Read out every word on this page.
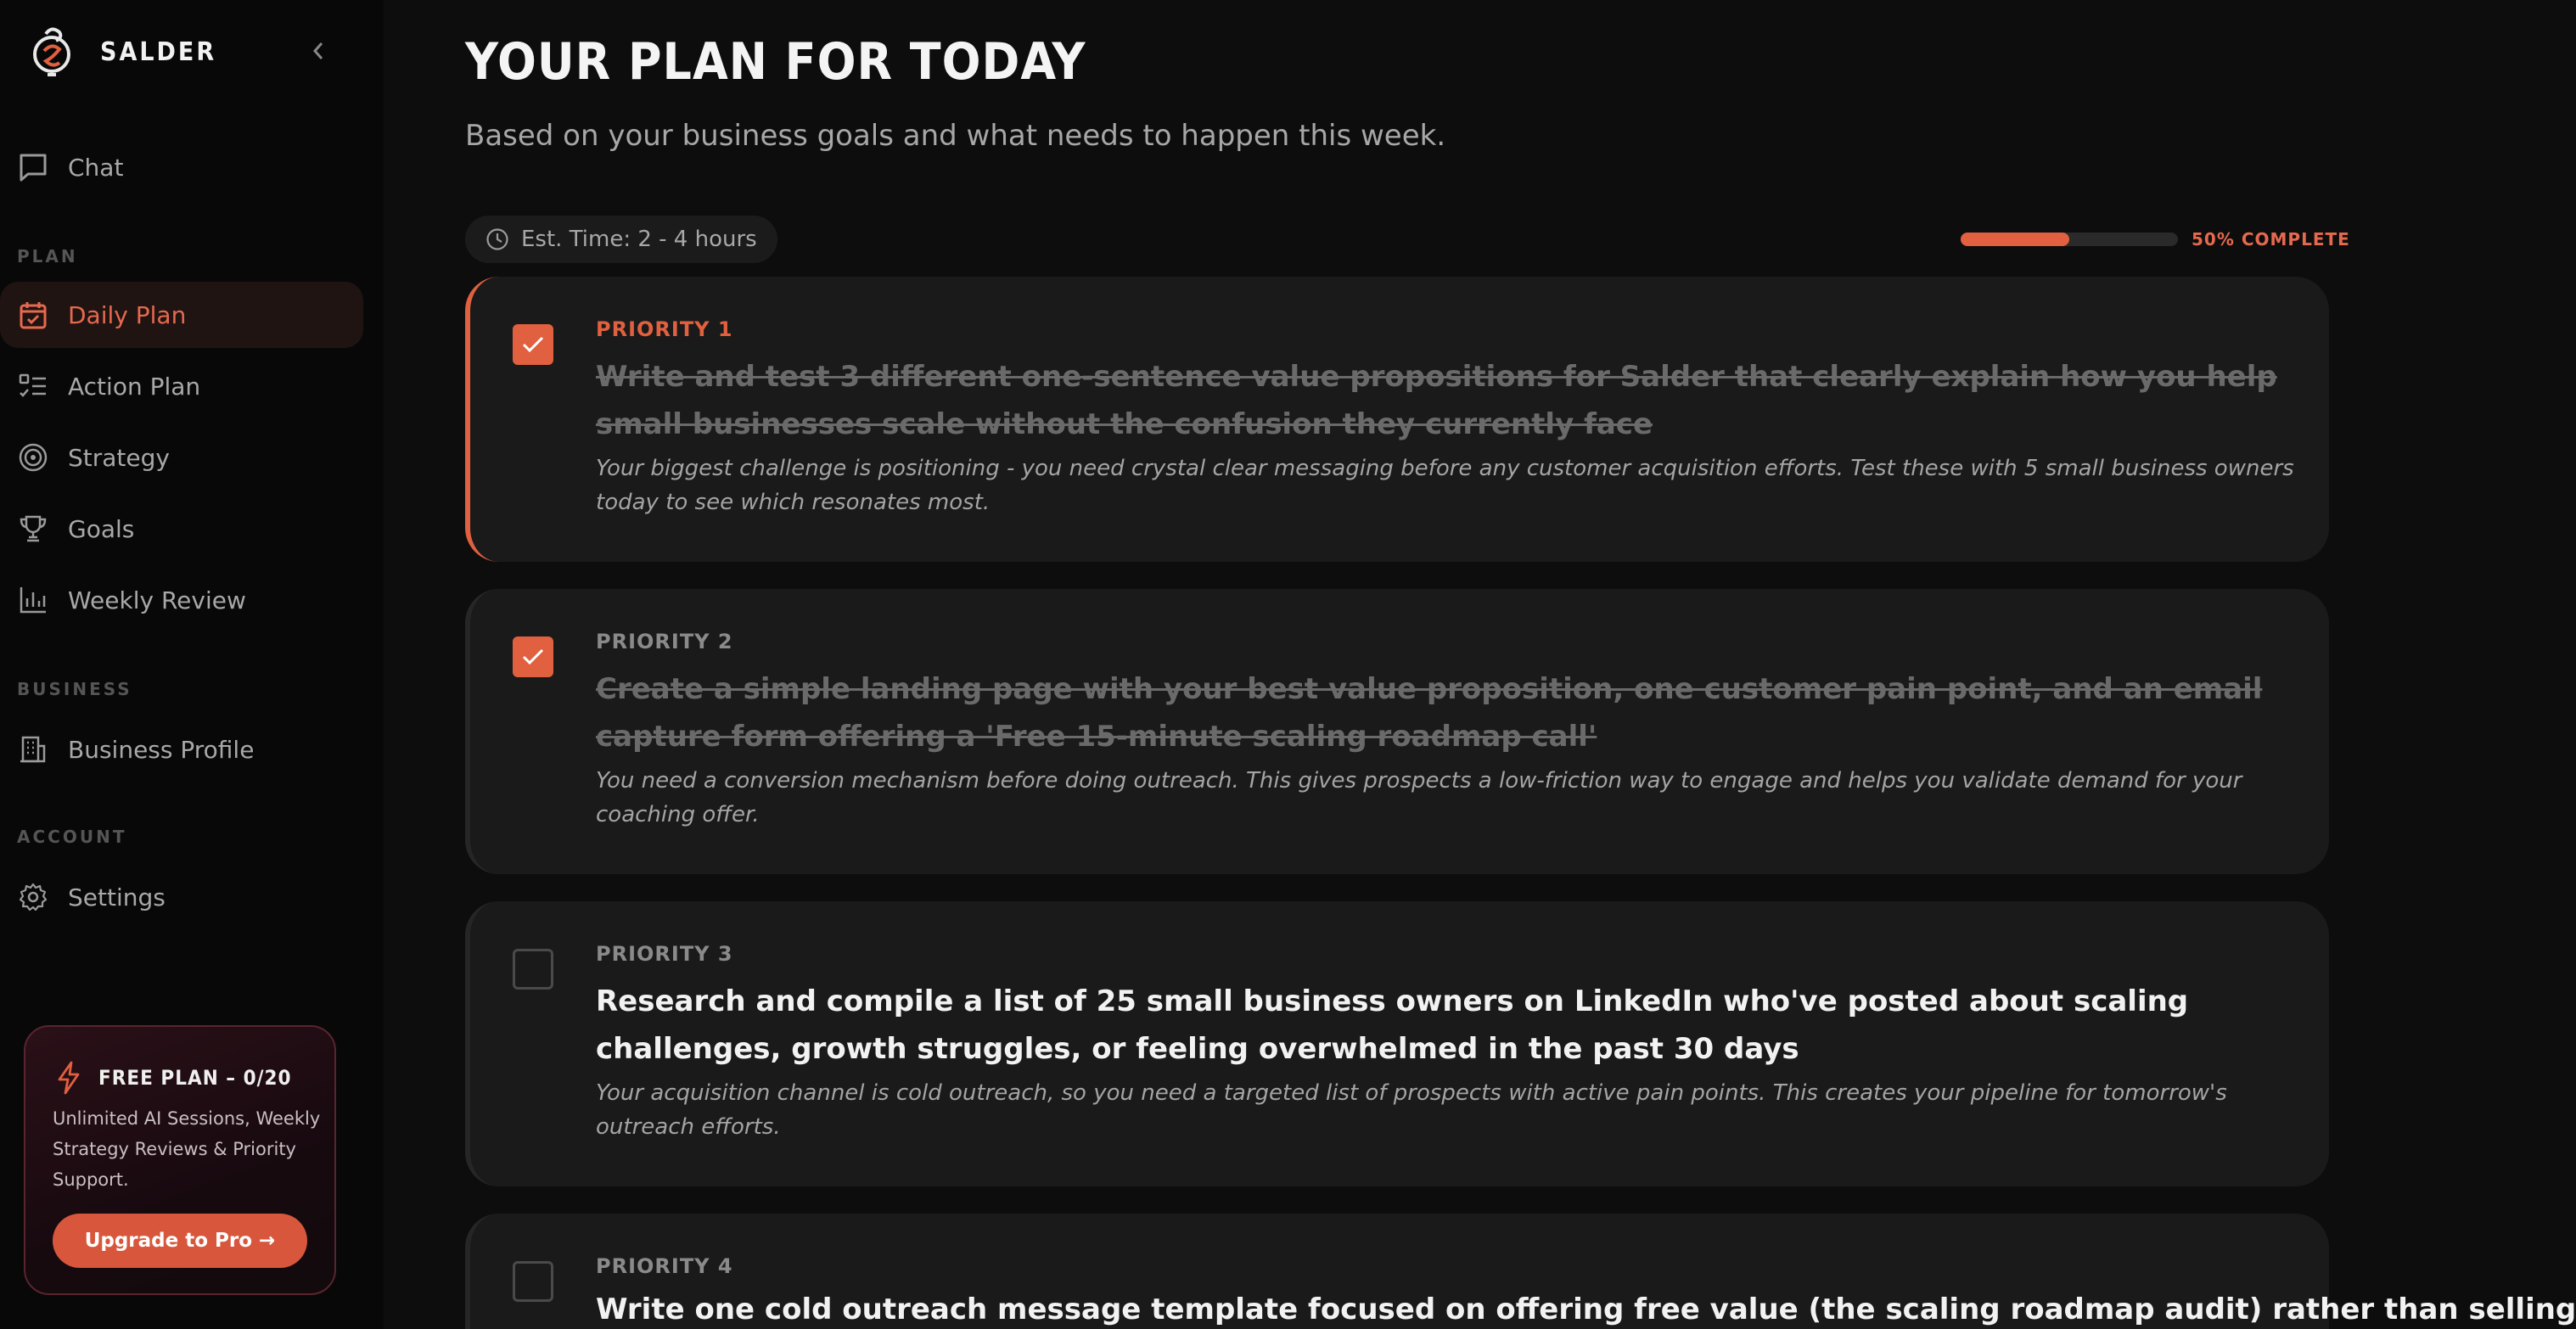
SALDER
Chat
PLAN
Daily Plan
Action Plan
Strategy
Goals
Weekly Review
BUSINESS
Business Profile
ACCOUNT
Settings
FREE PLAN – 0/20
Unlimited AI Sessions, Weekly Strategy Reviews & Priority Support.
Upgrade to Pro →
YOUR PLAN FOR TODAY

Based on your business goals and what needs to happen this week.

Est. Time: 2 - 4 hours	50% COMPLETE
PRIORITY 1
Write and test 3 different one-sentence value propositions for Salder that clearly explain how you help small businesses scale without the confusion they currently face
Your biggest challenge is positioning - you need crystal clear messaging before any customer acquisition efforts. Test these with 5 small business owners today to see which resonates most.
PRIORITY 2
Create a simple landing page with your best value proposition, one customer pain point, and an email capture form offering a 'Free 15-minute scaling roadmap call'
You need a conversion mechanism before doing outreach. This gives prospects a low-friction way to engage and helps you validate demand for your coaching offer.
PRIORITY 3
Research and compile a list of 25 small business owners on LinkedIn who've posted about scaling challenges, growth struggles, or feeling overwhelmed in the past 30 days
Your acquisition channel is cold outreach, so you need a targeted list of prospects with active pain points. This creates your pipeline for tomorrow's outreach efforts.
PRIORITY 4
Write one cold outreach message template focused on offering free value (the scaling roadmap audit) rather than selling
